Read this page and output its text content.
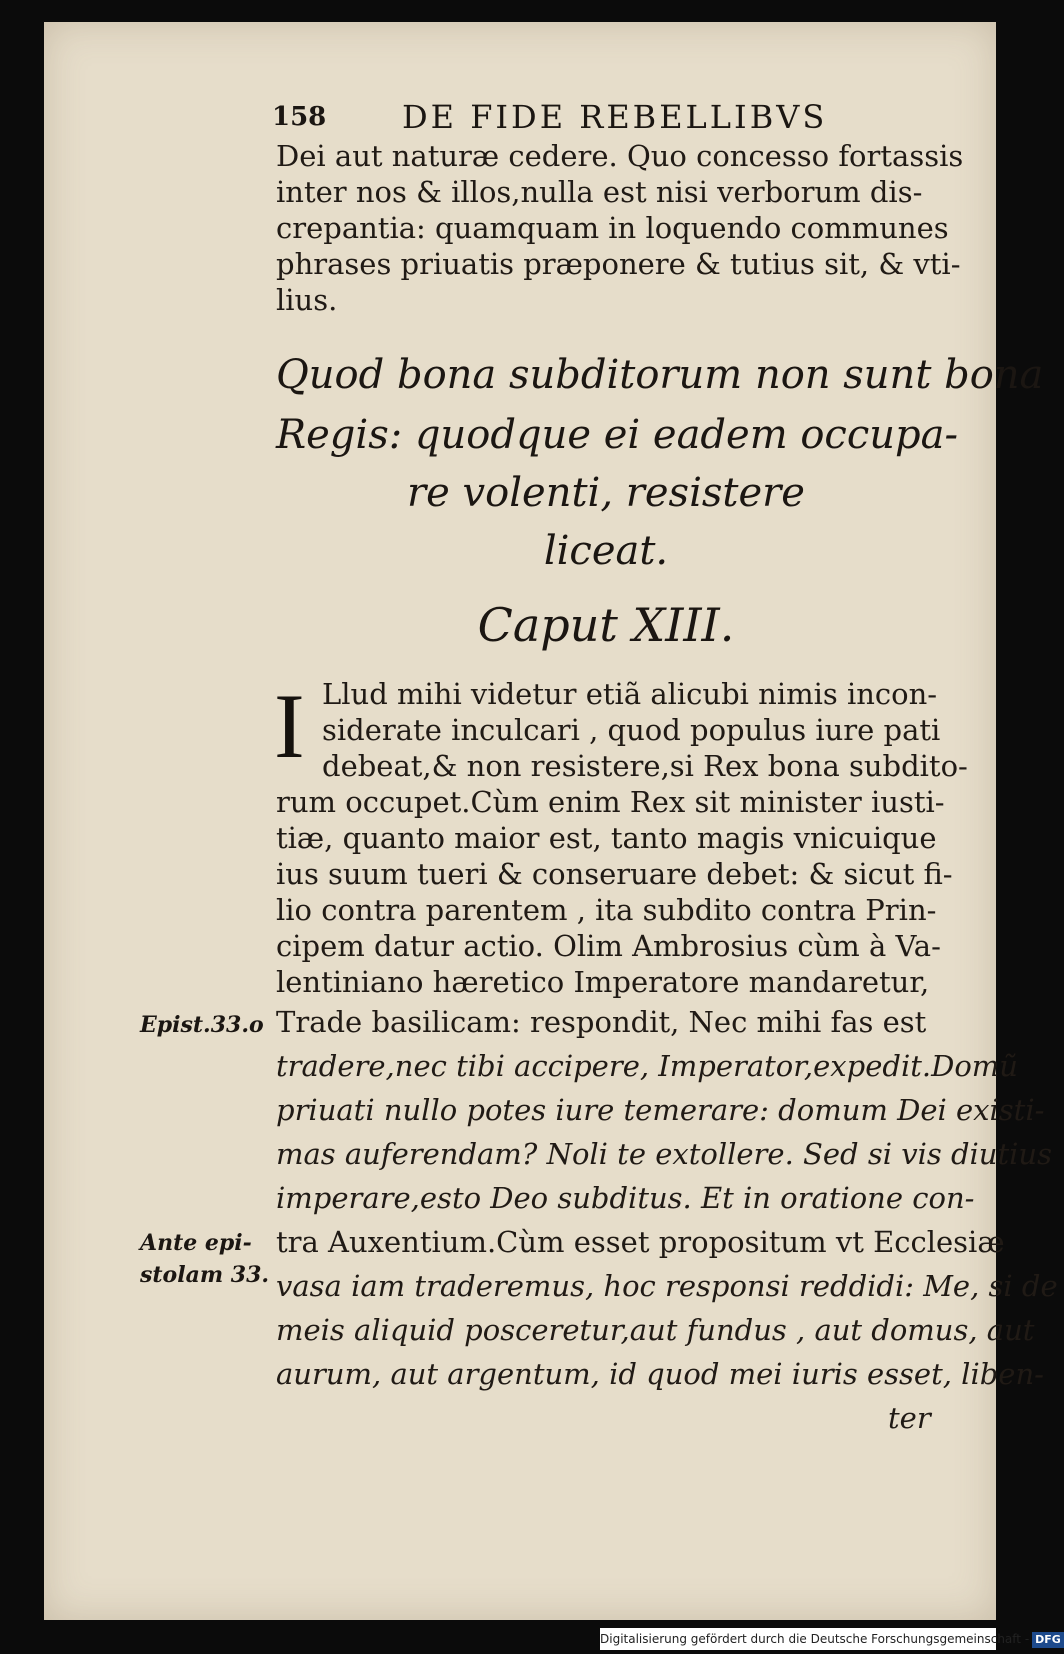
158 DE FIDE REBELLIBVS
Dei aut naturæ cedere. Quo concesso fortassis
inter nos & illos,nulla est nisi verborum dis-
crepantia: quamquam in loquendo communes
phrases priuatis præponere & tutius sit, & vti-
lius.
Quod bona subditorum non sunt bona
Regis: quodque ei eadem occupa-
re volenti, resistere
liceat.
Caput XIII.
I Llud mihi videtur etiã alicubi nimis incon-
siderate inculcari , quod populus iure pati
debeat,& non resistere,si Rex bona subdito-
rum occupet.Cùm enim Rex sit minister iusti-
tiæ, quanto maior est, tanto magis vnicuique
ius suum tueri & conseruare debet: & sicut fi-
lio contra parentem , ita subdito contra Prin-
cipem datur actio. Olim Ambrosius cùm à Va-
lentiniano hæretico Imperatore mandaretur,
Trade basilicam: respondit, Nec mihi fas est
tradere,nec tibi accipere, Imperator,expedit.Domũ
priuati nullo potes iure temerare: domum Dei existi-
mas auferendam? Noli te extollere. Sed si vis diutius
imperare,esto Deo subditus. Et in oratione con-
tra Auxentium.Cùm esset propositum vt Ecclesiæ
vasa iam traderemus, hoc responsi reddidi: Me, si de
meis aliquid posceretur,aut fundus , aut domus, aut
aurum, aut argentum, id quod mei iuris esset, liben-
ter
Epist.33.o
Ante epi-
stolam 33.
Digitalisierung gefördert durch die Deutsche Forschungsgemeinschaft - DFG
